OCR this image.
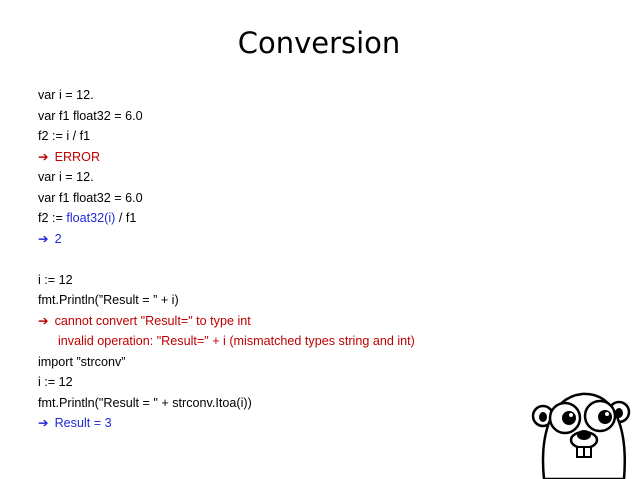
Conversion
var i = 12.
var f1 float32 = 6.0
f2 := i / f1
➔ ERROR
var i = 12.
var f1 float32 = 6.0
f2 := float32(i) / f1
➔ 2
i := 12
fmt.Println(”Result = ” + i)
➔ cannot convert "Result=" to type int
invalid operation: "Result=" + i (mismatched types string and int)
import ”strconv”
i := 12
fmt.Println("Result = " + strconv.Itoa(i))
➔ Result = 3
